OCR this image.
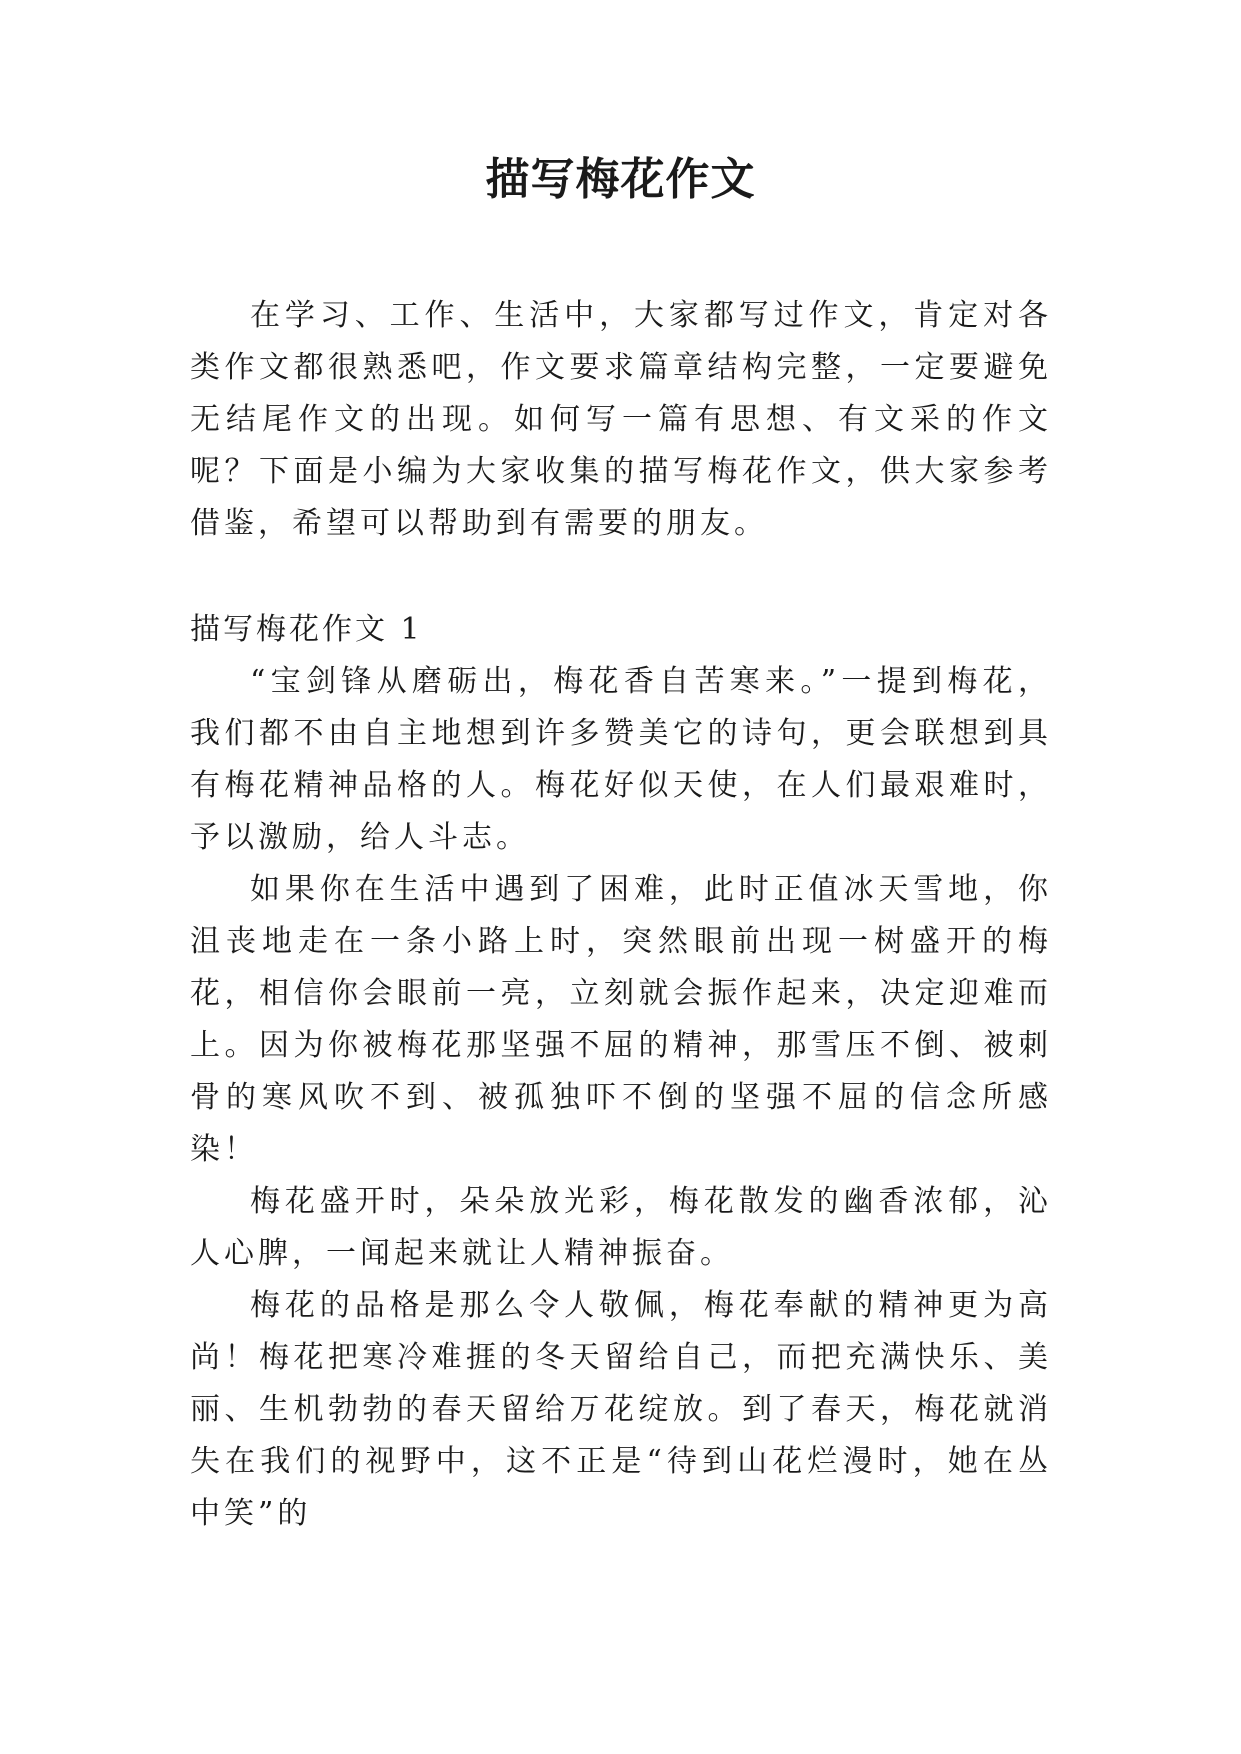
描写梅花作文

在学习、工作、生活中，大家都写过作文，肯定对各类作文都很熟悉吧，作文要求篇章结构完整，一定要避免无结尾作文的出现。如何写一篇有思想、有文采的作文呢？下面是小编为大家收集的描写梅花作文，供大家参考借鉴，希望可以帮助到有需要的朋友。

描写梅花作文 1

“宝剑锋从磨砺出，梅花香自苦寒来。”一提到梅花，我们都不由自主地想到许多赞美它的诗句，更会联想到具有梅花精神品格的人。梅花好似天使，在人们最艰难时，予以激励，给人斗志。

如果你在生活中遇到了困难，此时正值冰天雪地，你沮丧地走在一条小路上时，突然眼前出现一树盛开的梅花，相信你会眼前一亮，立刻就会振作起来，决定迎难而上。因为你被梅花那坚强不屈的精神，那雪压不倒、被刺骨的寒风吹不到、被孤独吓不倒的坚强不屈的信念所感染！

梅花盛开时，朵朵放光彩，梅花散发的幽香浓郁，沁人心脾，一闻起来就让人精神振奋。

梅花的品格是那么令人敬佩，梅花奉献的精神更为高尚！梅花把寒冷难捱的冬天留给自己，而把充满快乐、美丽、生机勃勃的春天留给万花绽放。到了春天，梅花就消失在我们的视野中，这不正是“待到山花烂漫时，她在丛中笑”的
